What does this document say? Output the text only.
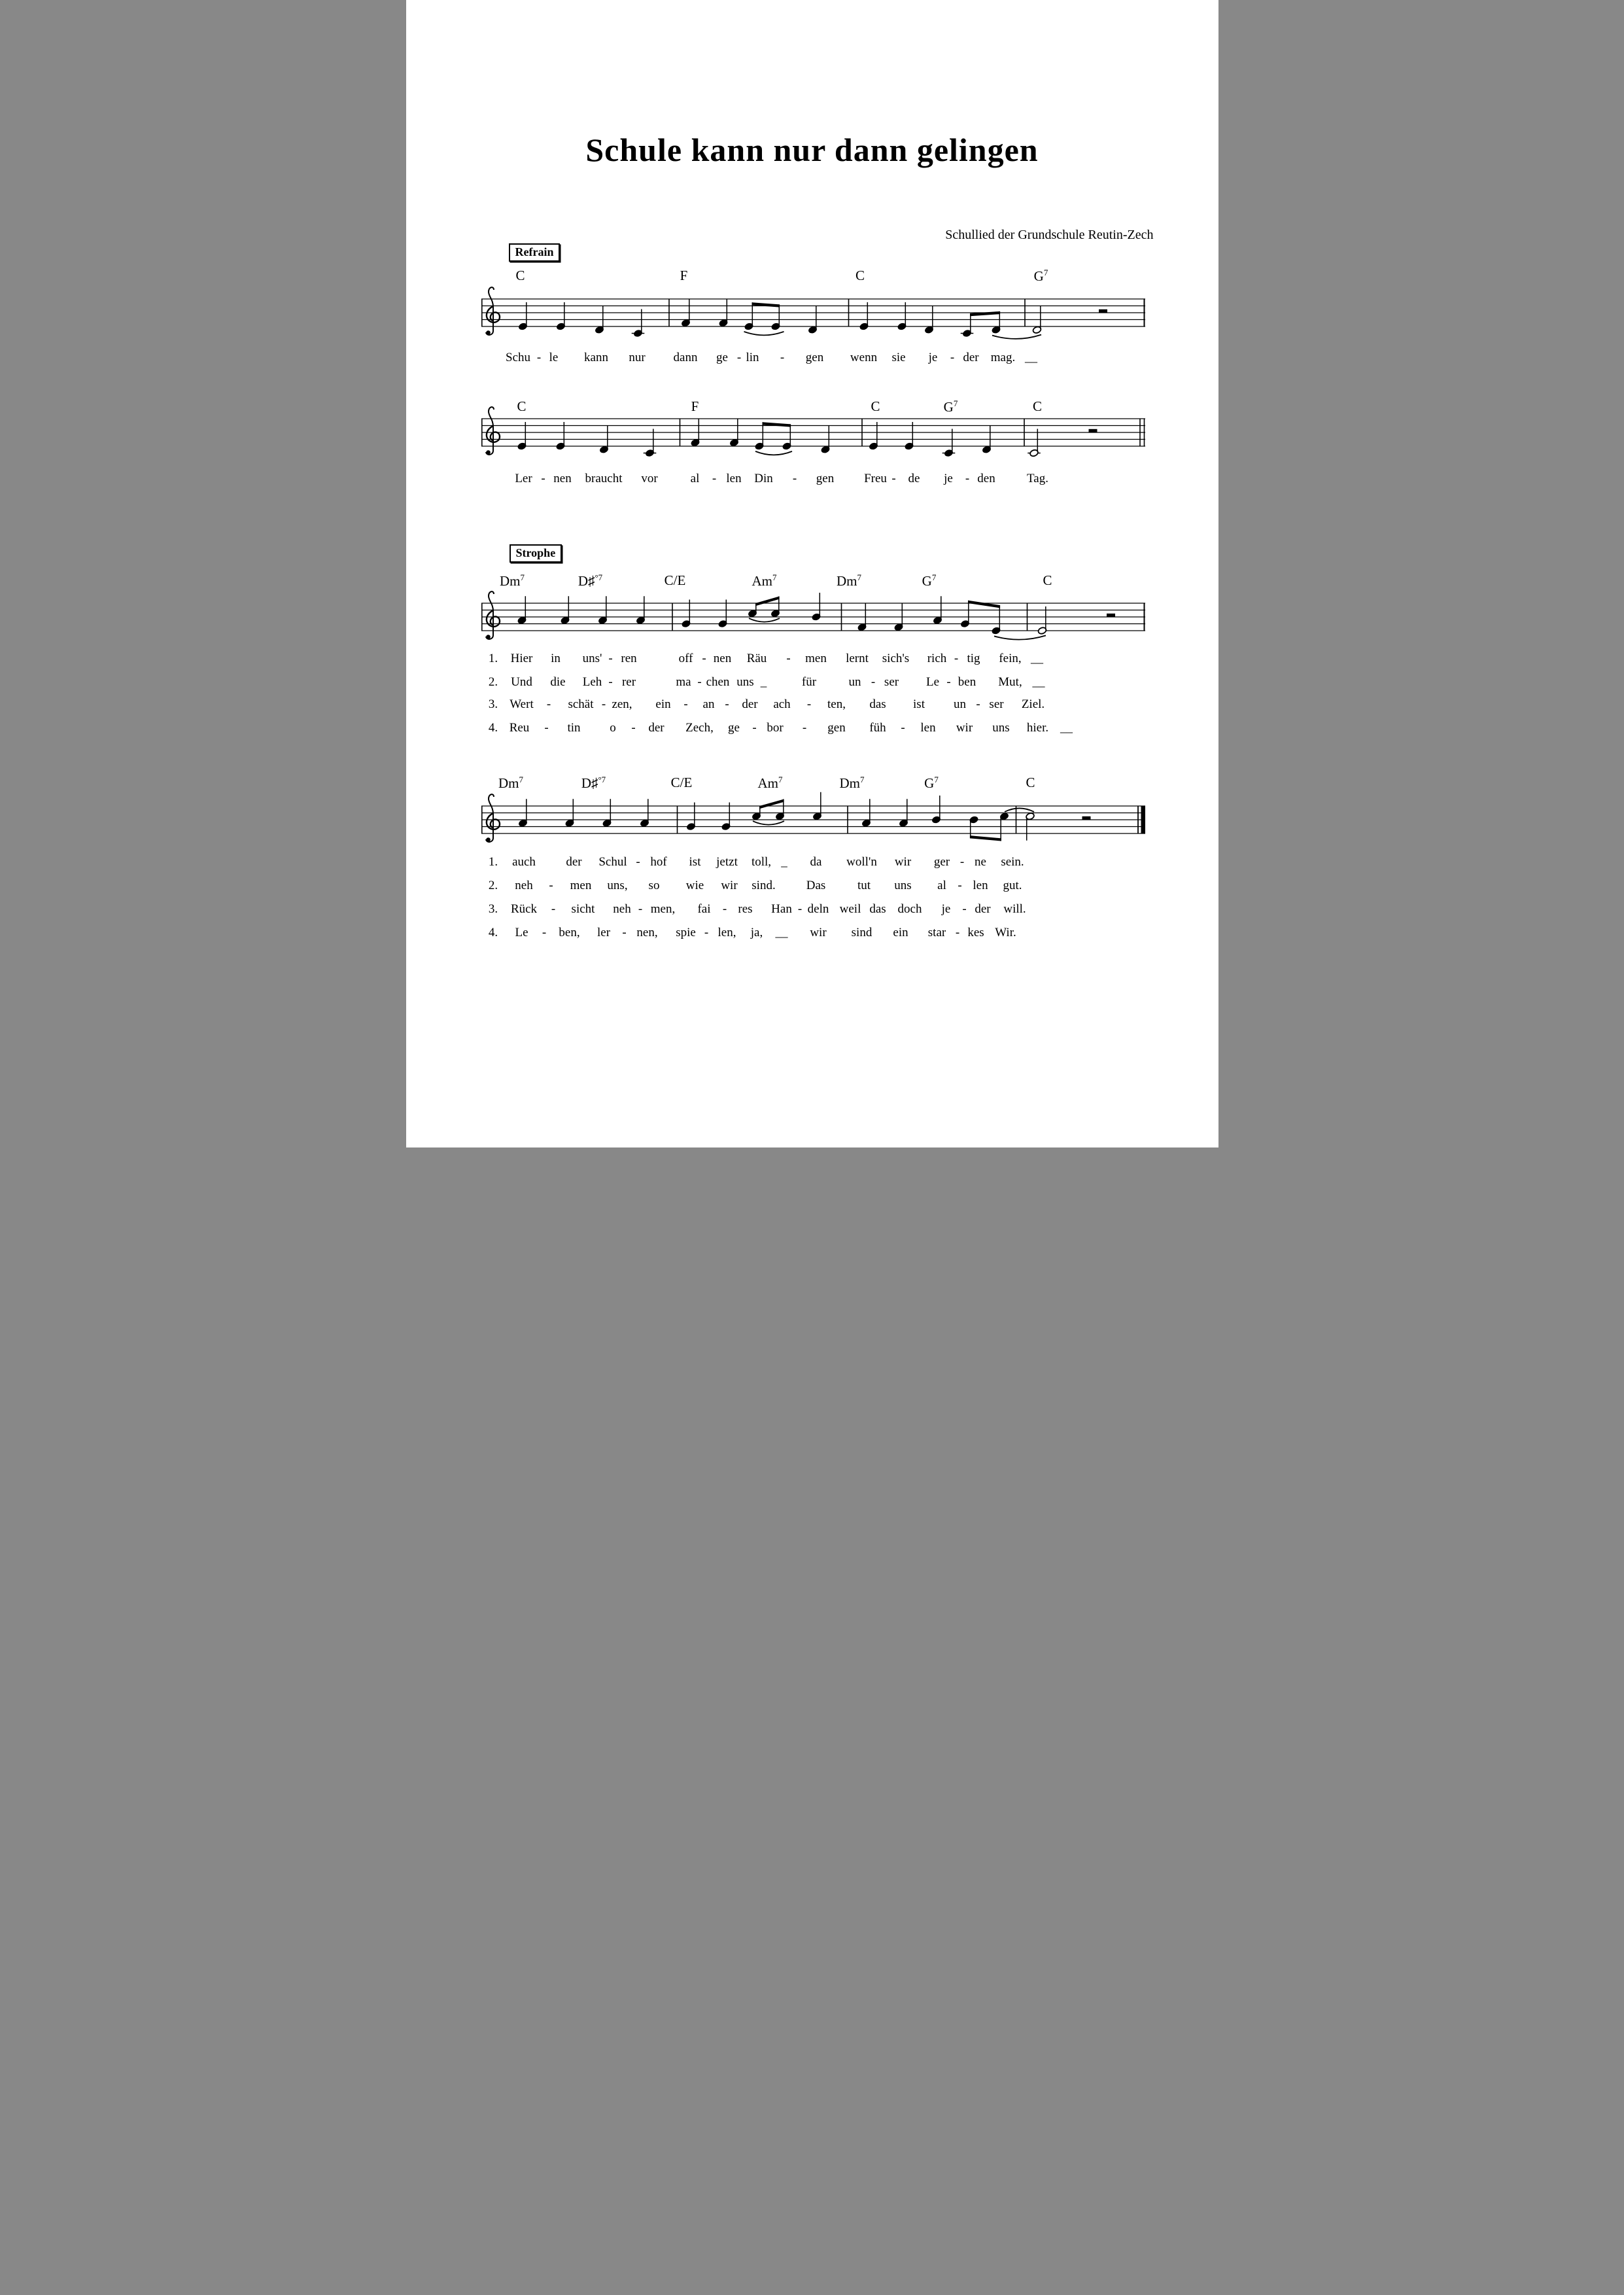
Schule kann nur dann gelingen
Schullied der Grundschule Reutin-Zech
Refrain
Strophe
C	F	C	$G^7$
Schu - le kann nur dann ge - lin - gen wenn sie je - der mag. __
C	F	C	$G^7$	C
Ler - nen braucht vor	al - len Din - gen Freu - de je - den	Tag.
Dm$^7$	D♯$^{^\circ 7}$	C/E	Am$^7$	Dm$^7$	$G^7$	C
1. Hier in uns' - ren	off - nen Räu - men lernt sich's rich - tig fein, __
2. Und die Leh - rer	ma - chen uns _	für	un - ser Le - ben Mut, __
3. Wert - schät - zen, ein - an - der ach - ten, das ist un - ser Ziel.
4. Reu - tin o - der Zech, ge - bor - gen füh - len wir uns hier. __
Dm$^7$	D♯$^{^\circ 7}$	C/E	Am$^7$	Dm$^7$	$G^7$	C
1. auch der Schul - hof ist jetzt toll, _ da woll'n wir ger - ne sein.
2. neh - men uns, so wie wir sind. Das	tut uns al - len gut.
3. Rück - sicht neh - men, fai - res Han - deln weil das doch je - der will.
4. Le - ben, ler - nen, spie - len, ja, __ wir sind ein star - kes Wir.
